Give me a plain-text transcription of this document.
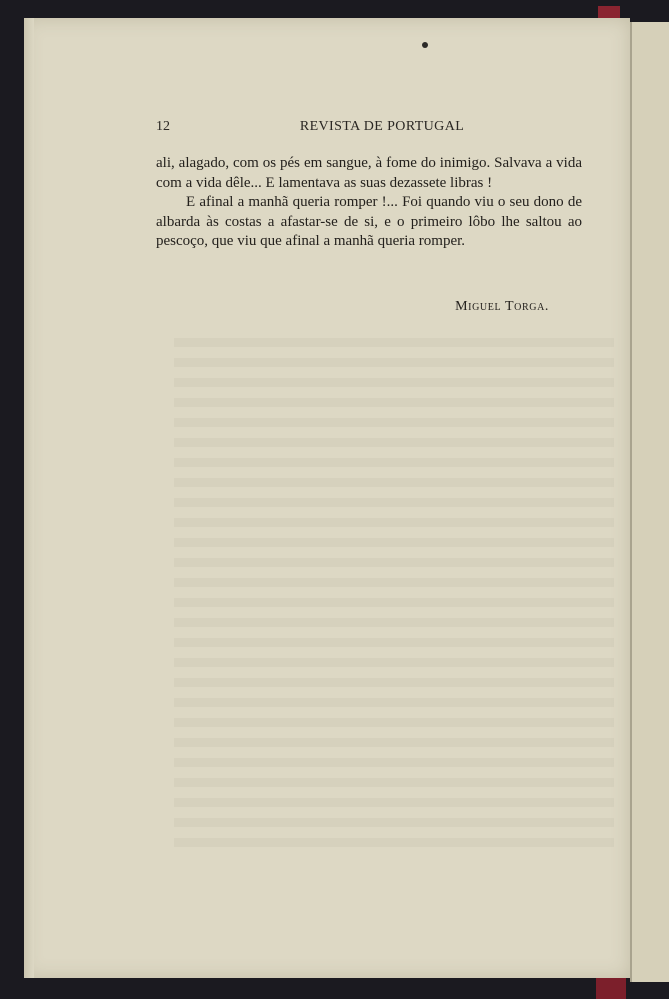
12	REVISTA DE PORTUGAL

ali, alagado, com os pés em sangue, à fome do inimigo. Salvava a vida com a vida dêle... E lamentava as suas dezassete libras !

E afinal a manhã queria romper !... Foi quando viu o seu dono de albarda às costas a afastar-se de si, e o primeiro lôbo lhe saltou ao pescoço, que viu que afinal a manhã queria romper.

Miguel Torga.
